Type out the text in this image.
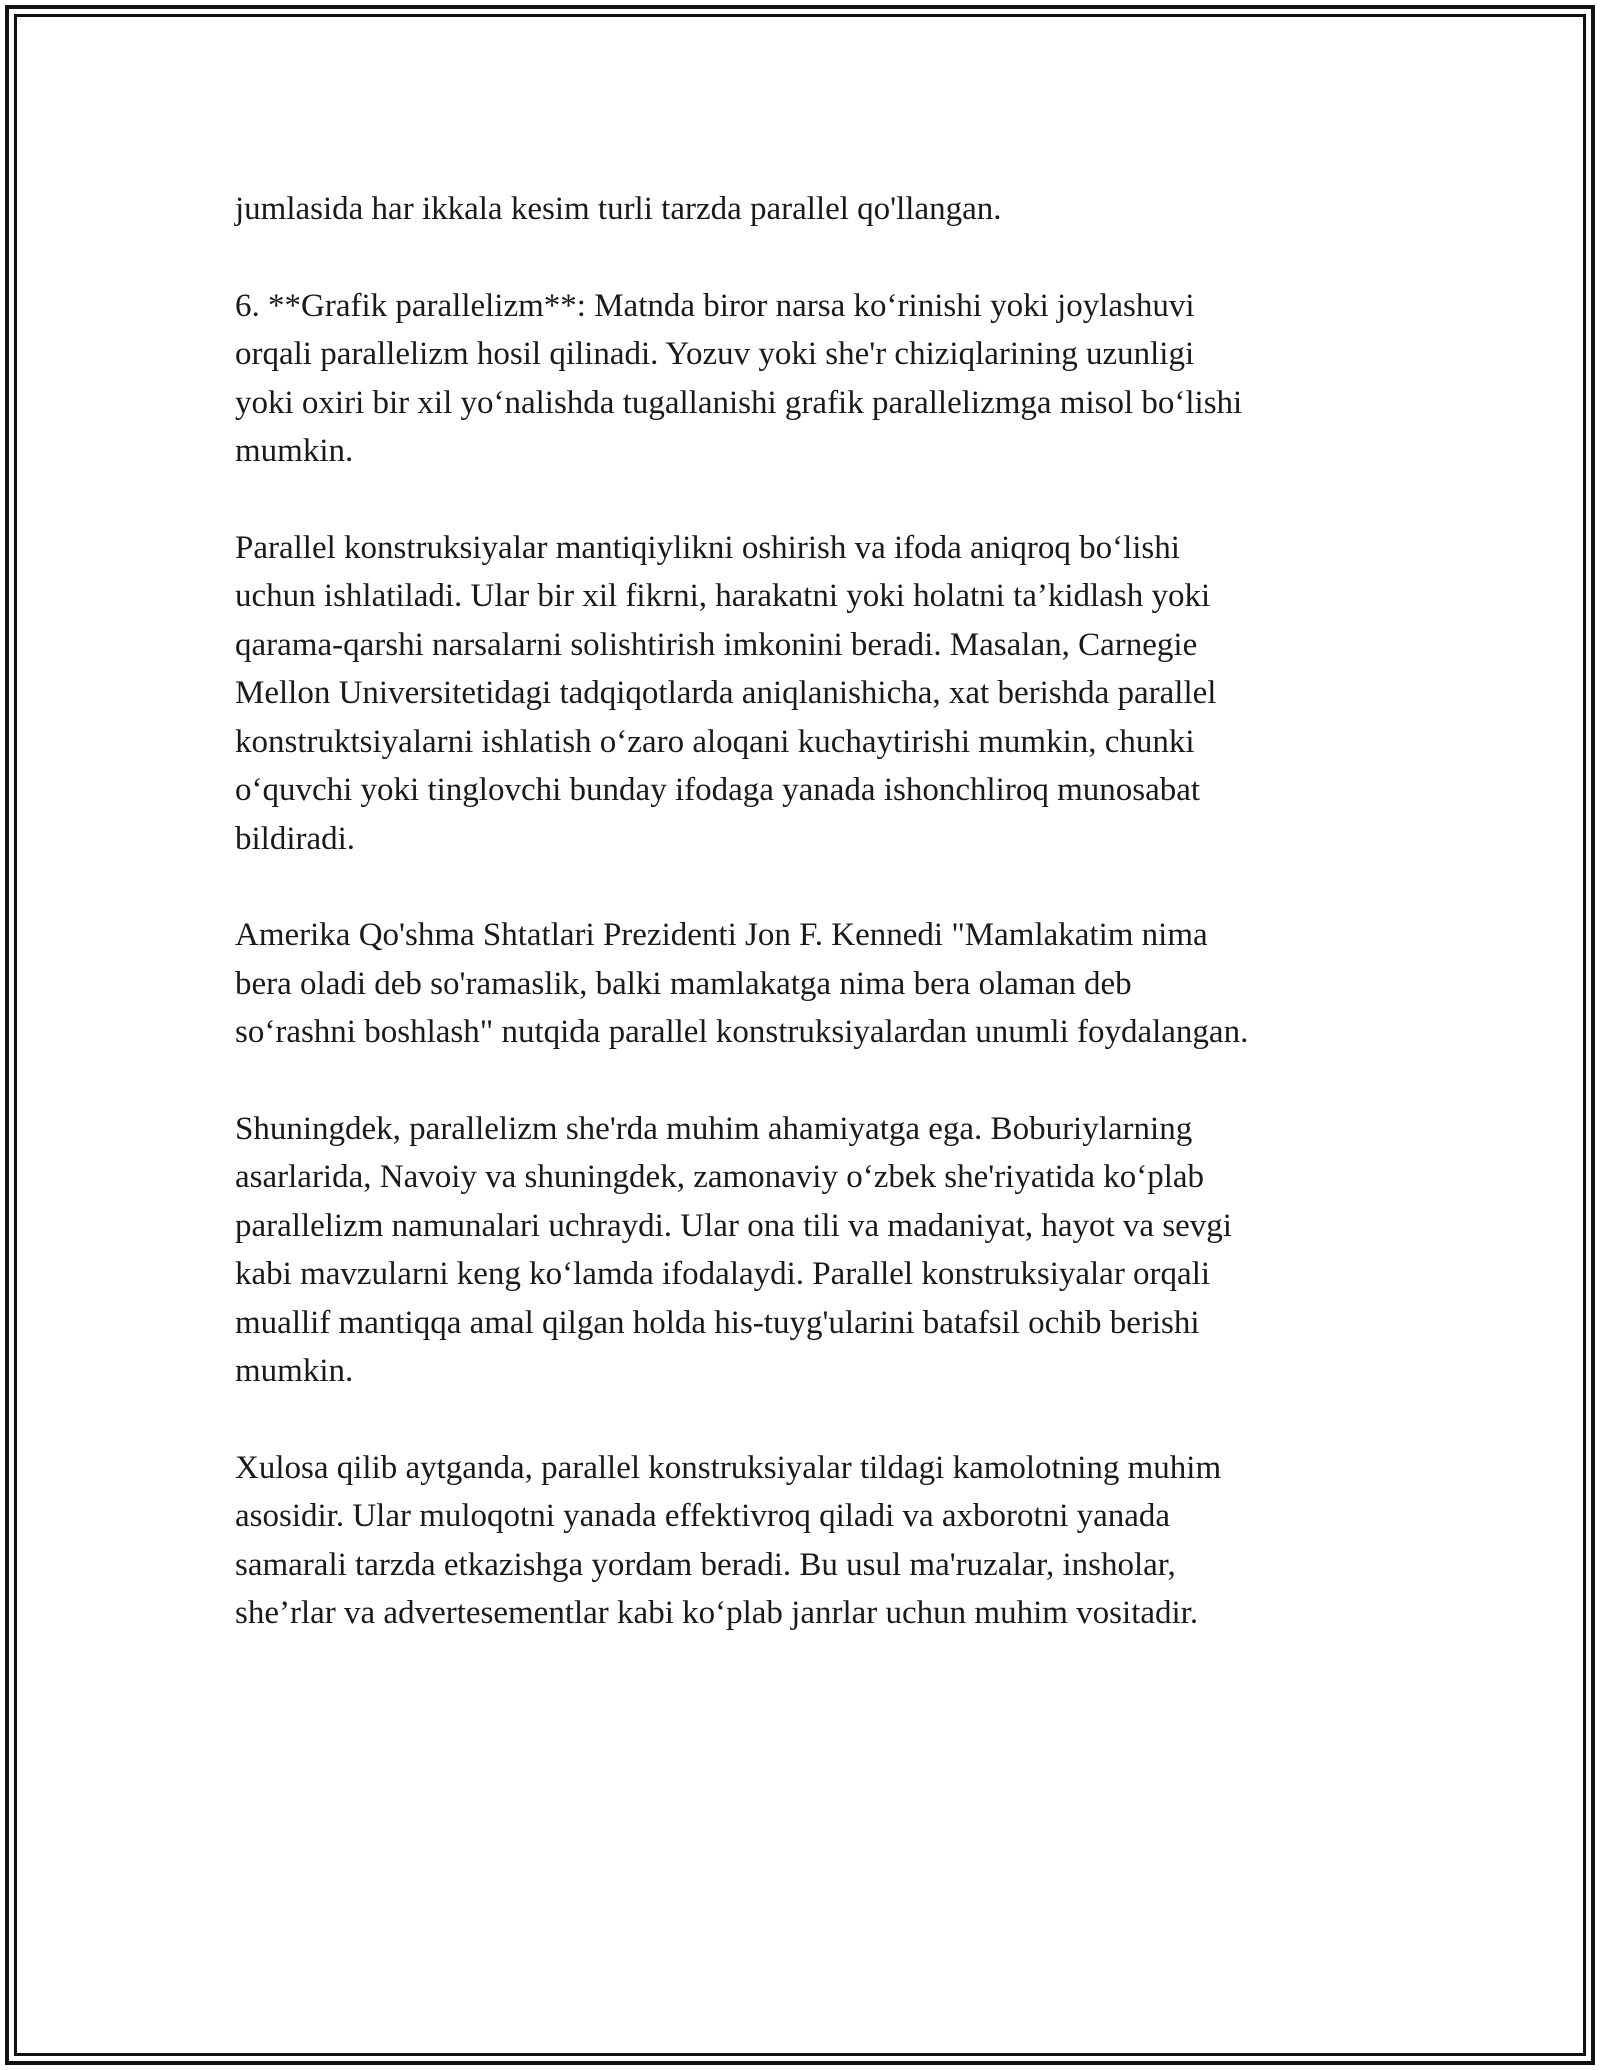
jumlasida har ikkala kesim turli tarzda parallel qo'llangan.

6. **Grafik parallelizm**: Matnda biror narsa ko‘rinishi yoki joylashuvi
orqali parallelizm hosil qilinadi. Yozuv yoki she'r chiziqlarining uzunligi
yoki oxiri bir xil yo‘nalishda tugallanishi grafik parallelizmga misol bo‘lishi
mumkin.

Parallel konstruksiyalar mantiqiylikni oshirish va ifoda aniqroq bo‘lishi
uchun ishlatiladi. Ular bir xil fikrni, harakatni yoki holatni ta’kidlash yoki
qarama-qarshi narsalarni solishtirish imkonini beradi. Masalan, Carnegie
Mellon Universitetidagi tadqiqotlarda aniqlanishicha, xat berishda parallel
konstruktsiyalarni ishlatish o‘zaro aloqani kuchaytirishi mumkin, chunki
o‘quvchi yoki tinglovchi bunday ifodaga yanada ishonchliroq munosabat
bildiradi.

Amerika Qo'shma Shtatlari Prezidenti Jon F. Kennedi "Mamlakatim nima
bera oladi deb so'ramaslik, balki mamlakatga nima bera olaman deb
so‘rashni boshlash" nutqida parallel konstruksiyalardan unumli foydalangan.

Shuningdek, parallelizm she'rda muhim ahamiyatga ega. Boburiylarning
asarlarida, Navoiy va shuningdek, zamonaviy o‘zbek she'riyatida ko‘plab
parallelizm namunalari uchraydi. Ular ona tili va madaniyat, hayot va sevgi
kabi mavzularni keng ko‘lamda ifodalaydi. Parallel konstruksiyalar orqali
muallif mantiqqa amal qilgan holda his-tuyg'ularini batafsil ochib berishi
mumkin.

Xulosa qilib aytganda, parallel konstruksiyalar tildagi kamolotning muhim
asosidir. Ular muloqotni yanada effektivroq qiladi va axborotni yanada
samarali tarzda etkazishga yordam beradi. Bu usul ma'ruzalar, insholar,
she’rlar va advertesementlar kabi ko‘plab janrlar uchun muhim vositadir.
